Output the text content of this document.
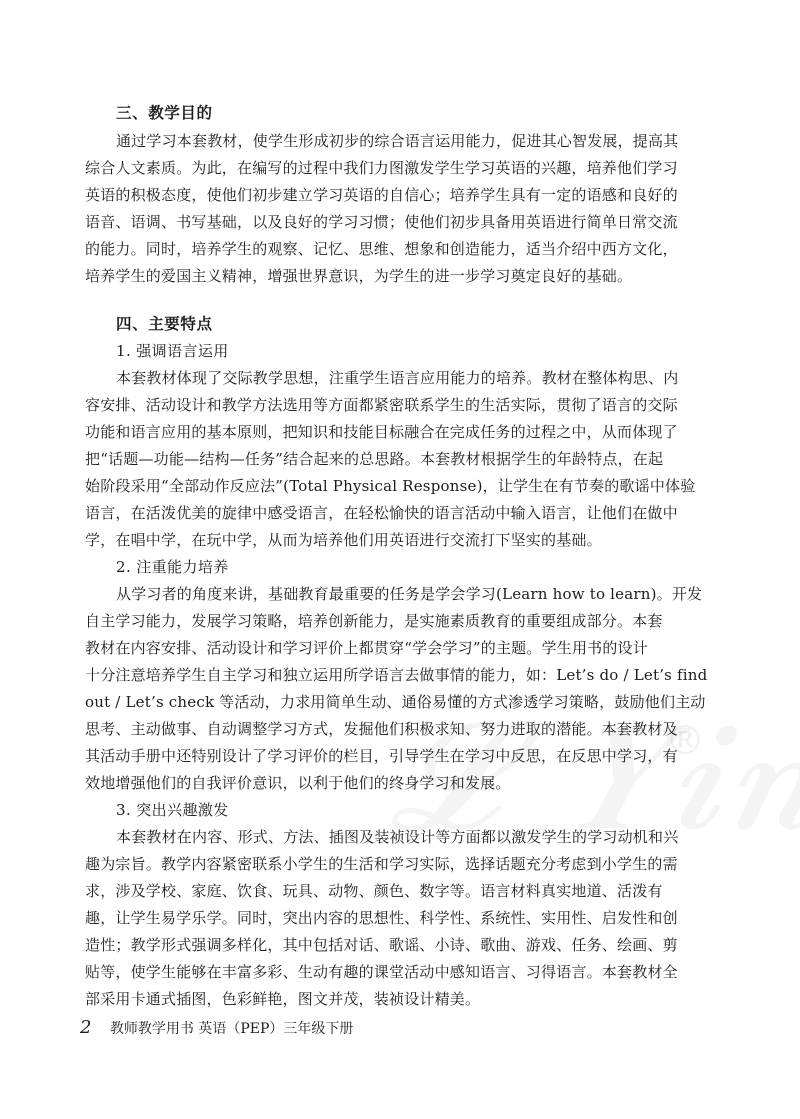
®
三、教学目的
通过学习本套教材，使学生形成初步的综合语言运用能力，促进其心智发展，提高其
综合人文素质。为此，在编写的过程中我们力图激发学生学习英语的兴趣，培养他们学习
英语的积极态度，使他们初步建立学习英语的自信心；培养学生具有一定的语感和良好的
语音、语调、书写基础，以及良好的学习习惯；使他们初步具备用英语进行简单日常交流
的能力。同时，培养学生的观察、记忆、思维、想象和创造能力，适当介绍中西方文化，
培养学生的爱国主义精神，增强世界意识，为学生的进一步学习奠定良好的基础。
四、主要特点
1. 强调语言运用
本套教材体现了交际教学思想，注重学生语言应用能力的培养。教材在整体构思、内
容安排、活动设计和教学方法选用等方面都紧密联系学生的生活实际，贯彻了语言的交际
功能和语言应用的基本原则，把知识和技能目标融合在完成任务的过程之中，从而体现了
把“话题—功能—结构—任务”结合起来的总思路。本套教材根据学生的年龄特点，在起
始阶段采用“全部动作反应法”(Total Physical Response)，让学生在有节奏的歌谣中体验
语言，在活泼优美的旋律中感受语言，在轻松愉快的语言活动中输入语言，让他们在做中
学，在唱中学，在玩中学，从而为培养他们用英语进行交流打下坚实的基础。
2. 注重能力培养
从学习者的角度来讲，基础教育最重要的任务是学会学习(Learn how to learn)。开发
自主学习能力，发展学习策略，培养创新能力，是实施素质教育的重要组成部分。本套
教材在内容安排、活动设计和学习评价上都贯穿“学会学习”的主题。学生用书的设计
十分注意培养学生自主学习和独立运用所学语言去做事情的能力，如：Let’s do / Let’s find
out / Let’s check 等活动，力求用简单生动、通俗易懂的方式渗透学习策略，鼓励他们主动
思考、主动做事、自动调整学习方式，发掘他们积极求知、努力进取的潜能。本套教材及
其活动手册中还特别设计了学习评价的栏目，引导学生在学习中反思，在反思中学习，有
效地增强他们的自我评价意识，以利于他们的终身学习和发展。
3. 突出兴趣激发
本套教材在内容、形式、方法、插图及装祯设计等方面都以激发学生的学习动机和兴
趣为宗旨。教学内容紧密联系小学生的生活和学习实际，选择话题充分考虑到小学生的需
求，涉及学校、家庭、饮食、玩具、动物、颜色、数字等。语言材料真实地道、活泼有
趣，让学生易学乐学。同时，突出内容的思想性、科学性、系统性、实用性、启发性和创
造性；教学形式强调多样化，其中包括对话、歌谣、小诗、歌曲、游戏、任务、绘画、剪
贴等，使学生能够在丰富多彩、生动有趣的课堂活动中感知语言、习得语言。本套教材全
部采用卡通式插图，色彩鲜艳，图文并茂，装祯设计精美。
2 教师教学用书 英语（PEP）三年级下册
